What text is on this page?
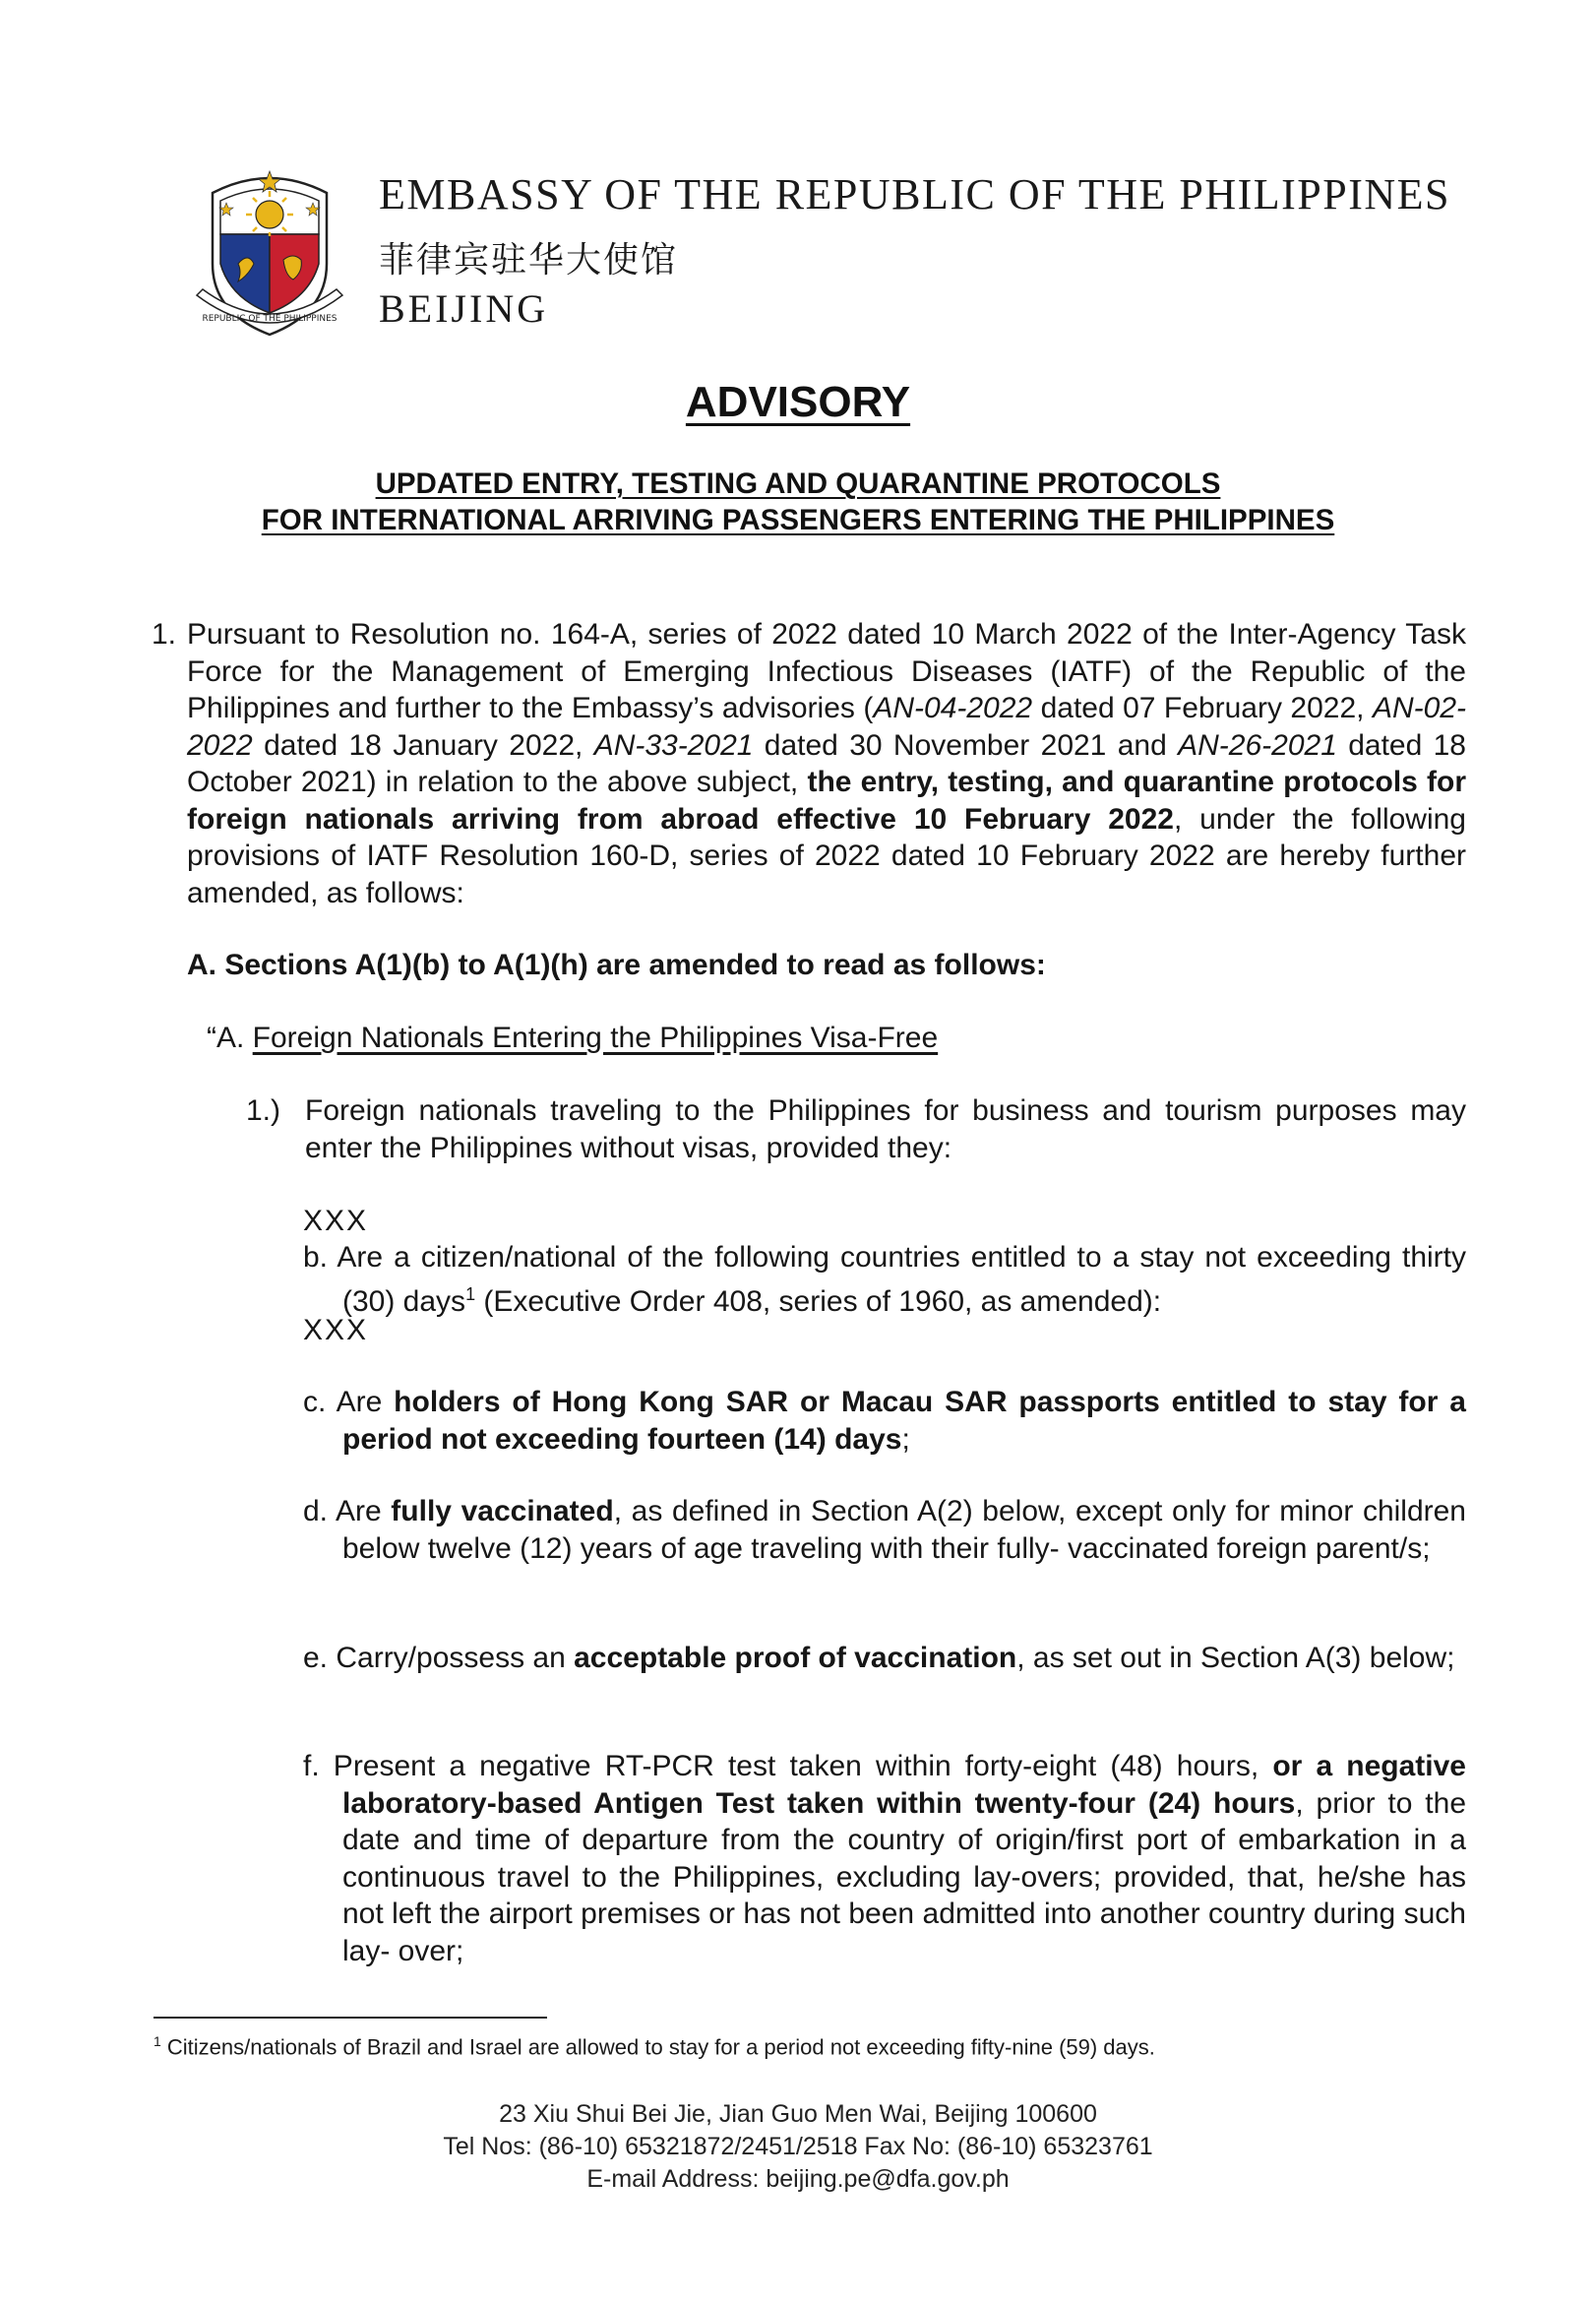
REPUBLIC OF THE PHILIPPINES
EMBASSY OF THE REPUBLIC OF THE PHILIPPINES
菲律宾驻华大使馆
BEIJING
ADVISORY
UPDATED ENTRY, TESTING AND QUARANTINE PROTOCOLS
FOR INTERNATIONAL ARRIVING PASSENGERS ENTERING THE PHILIPPINES
1. Pursuant to Resolution no. 164-A, series of 2022 dated 10 March 2022 of the Inter-Agency Task Force for the Management of Emerging Infectious Diseases (IATF) of the Republic of the Philippines and further to the Embassy’s advisories (AN-04-2022 dated 07 February 2022, AN-02-2022 dated 18 January 2022, AN-33-2021 dated 30 November 2021 and AN-26-2021 dated 18 October 2021) in relation to the above subject, the entry, testing, and quarantine protocols for foreign nationals arriving from abroad effective 10 February 2022, under the following provisions of IATF Resolution 160-D, series of 2022 dated 10 February 2022 are hereby further amended, as follows:
A. Sections A(1)(b) to A(1)(h) are amended to read as follows:
“A. Foreign Nationals Entering the Philippines Visa-Free
1.) Foreign nationals traveling to the Philippines for business and tourism purposes may enter the Philippines without visas, provided they:
XXX
b. Are a citizen/national of the following countries entitled to a stay not exceeding thirty (30) days$^1$ (Executive Order 408, series of 1960, as amended):
XXX
c. Are holders of Hong Kong SAR or Macau SAR passports entitled to stay for a period not exceeding fourteen (14) days;
d. Are fully vaccinated, as defined in Section A(2) below, except only for minor children below twelve (12) years of age traveling with their fully- vaccinated foreign parent/s;
e. Carry/possess an acceptable proof of vaccination, as set out in Section A(3) below;
f. Present a negative RT-PCR test taken within forty-eight (48) hours, or a negative laboratory-based Antigen Test taken within twenty-four (24) hours, prior to the date and time of departure from the country of origin/first port of embarkation in a continuous travel to the Philippines, excluding lay-overs; provided, that, he/she has not left the airport premises or has not been admitted into another country during such lay- over;
$^1$ Citizens/nationals of Brazil and Israel are allowed to stay for a period not exceeding fifty-nine (59) days.
23 Xiu Shui Bei Jie, Jian Guo Men Wai, Beijing 100600
Tel Nos: (86-10) 65321872/2451/2518 Fax No: (86-10) 65323761
E-mail Address: beijing.pe@dfa.gov.ph
